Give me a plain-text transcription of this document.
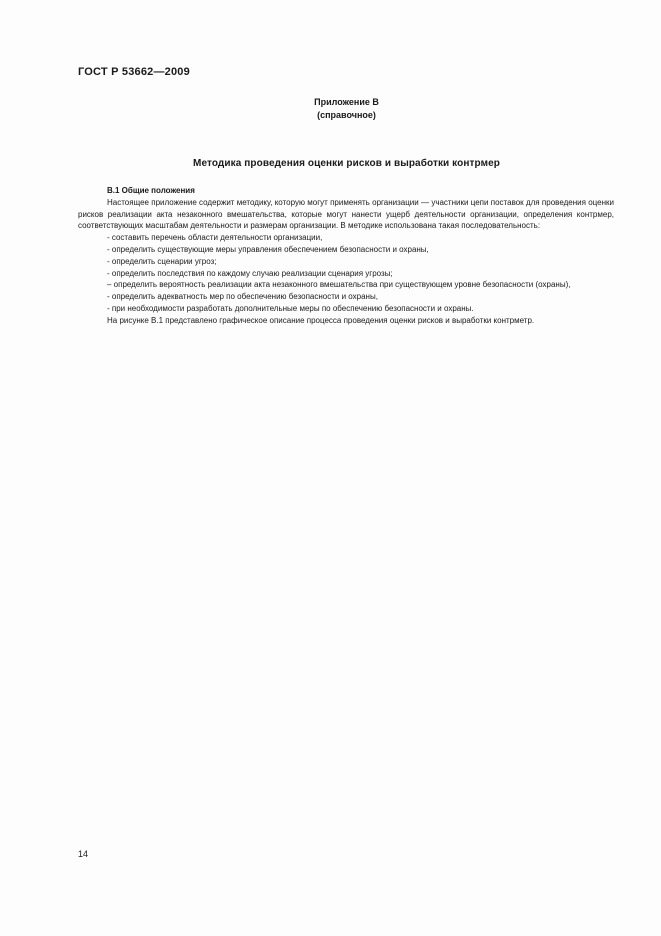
ГОСТ Р 53662—2009
Приложение В
(справочное)
Методика проведения оценки рисков и выработки контрмер
В.1 Общие положения

Настоящее приложение содержит методику, которую могут применять организации — участники цепи поставок для проведения оценки рисков реализации акта незаконного вмешательства, которые могут нанести ущерб деятельности организации, определения контрмер, соответствующих масштабам деятельности и размерам организации. В методике использована такая последовательность:

- составить перечень области деятельности организации,

- определить существующие меры управления обеспечением безопасности и охраны,

- определить сценарии угроз;

- определить последствия по каждому случаю реализации сценария угрозы;

– определить вероятность реализации акта незаконного вмешательства при существующем уровне безопасности (охраны),

- определить адекватность мер по обеспечению безопасности и охраны,

- при необходимости разработать дополнительные меры по обеспечению безопасности и охраны.

На рисунке В.1 представлено графическое описание процесса проведения оценки рисков и выработки контрметр.

14
